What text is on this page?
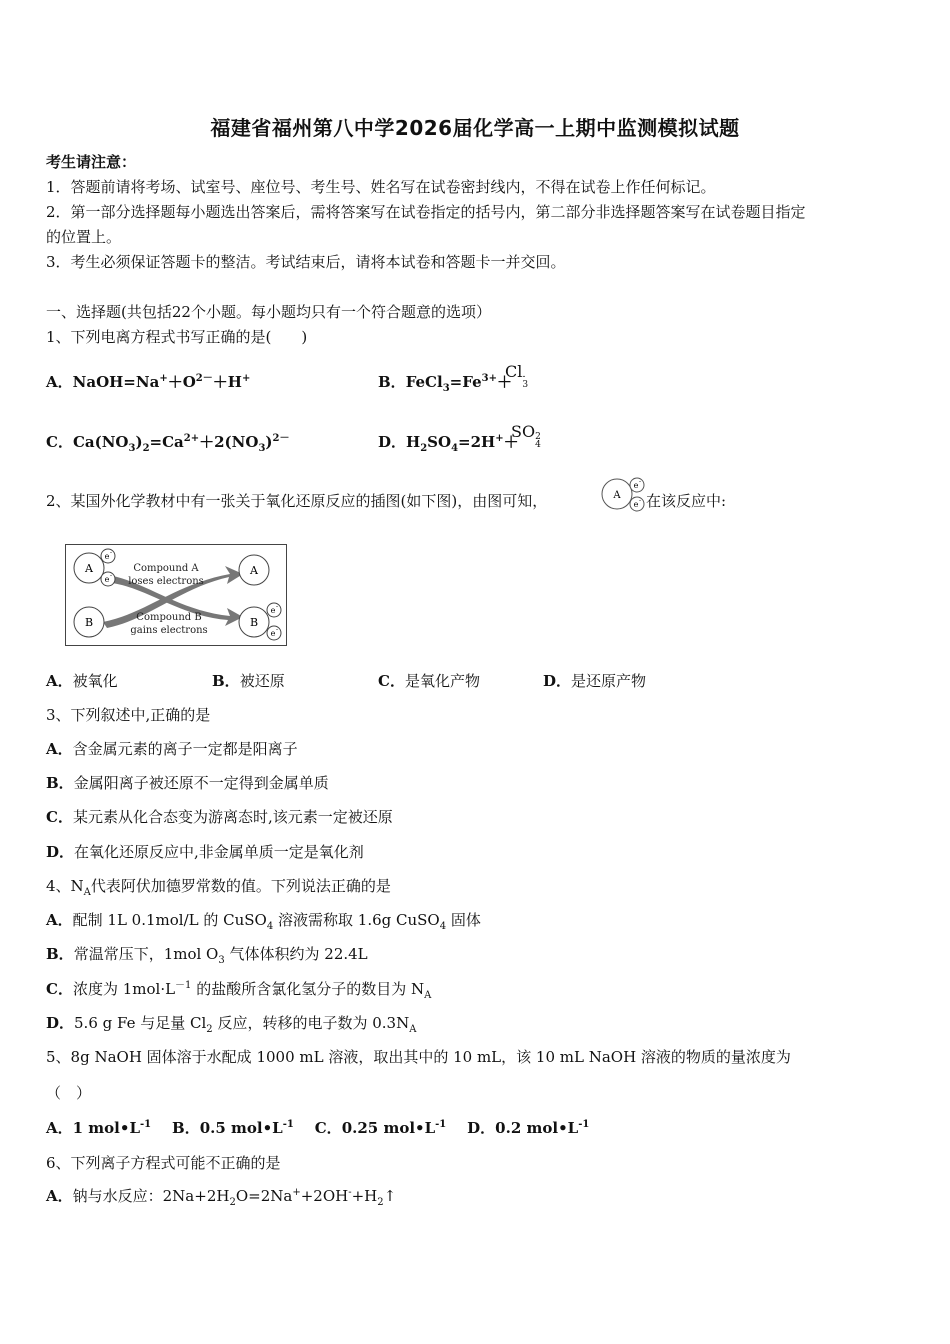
福建省福州第八中学2026届化学高一上期中监测模拟试题
考生请注意：
1．答题前请将考场、试室号、座位号、考生号、姓名写在试卷密封线内，不得在试卷上作任何标记。
2．第一部分选择题每小题选出答案后，需将答案写在试卷指定的括号内，第二部分非选择题答案写在试卷题目指定
的位置上。
3．考生必须保证答题卡的整洁。考试结束后，请将本试卷和答题卡一并交回。
一、选择题(共包括22个小题。每小题均只有一个符合题意的选项）
1、下列电离方程式书写正确的是(　　)
A．$NaOH=Na^++O^{2-}+H^+$	B．$FeCl_3=Fe^{3+}+$
Cl -
3
C．$Ca(NO_3)_2=Ca^{2+}+2(NO_3)^{2-}$	D．$H_2SO_4=2H^++$
SO 2
4
2、某国外化学教材中有一张关于氧化还原反应的插图(如下图)，由图可知，	A
e -
e - 在该反应中:
A
e -
e -
B
A
B
e -
e -
Compound A
loses electrons
Compound B
gains electrons
A．被氧化	B．被还原	C．是氧化产物	D．是还原产物
3、下列叙述中,正确的是
A．含金属元素的离子一定都是阳离子
B．金属阳离子被还原不一定得到金属单质
C．某元素从化合态变为游离态时,该元素一定被还原
D．在氧化还原反应中,非金属单质一定是氧化剂
4、$N_A$代表阿伏加德罗常数的值。下列说法正确的是
A．配制 1L 0.1mol/L 的 CuSO$_4$ 溶液需称取 1.6g CuSO$_4$ 固体
B．常温常压下，1mol $O_3$ 气体体积约为 22.4L
C．浓度为 $1mol\cdot L^{-1}$ 的盐酸所含氯化氢分子的数目为 $N_A$
D．5.6 g Fe 与足量 $Cl_2$ 反应，转移的电子数为 $0.3N_A$
5、8g NaOH 固体溶于水配成 1000 mL 溶液，取出其中的 10 mL，该 10 mL NaOH 溶液的物质的量浓度为
（　）
A．1 $mol•L^{-1}$ B．0.5 $mol•L^{-1}$ C．0.25 $mol•L^{-1}$ D．0.2 $mol•L^{-1}$
6、下列离子方程式可能不正确的是
A．钠与水反应：$2Na+2H_2O=2Na^++2OH^-+H_2↑$
